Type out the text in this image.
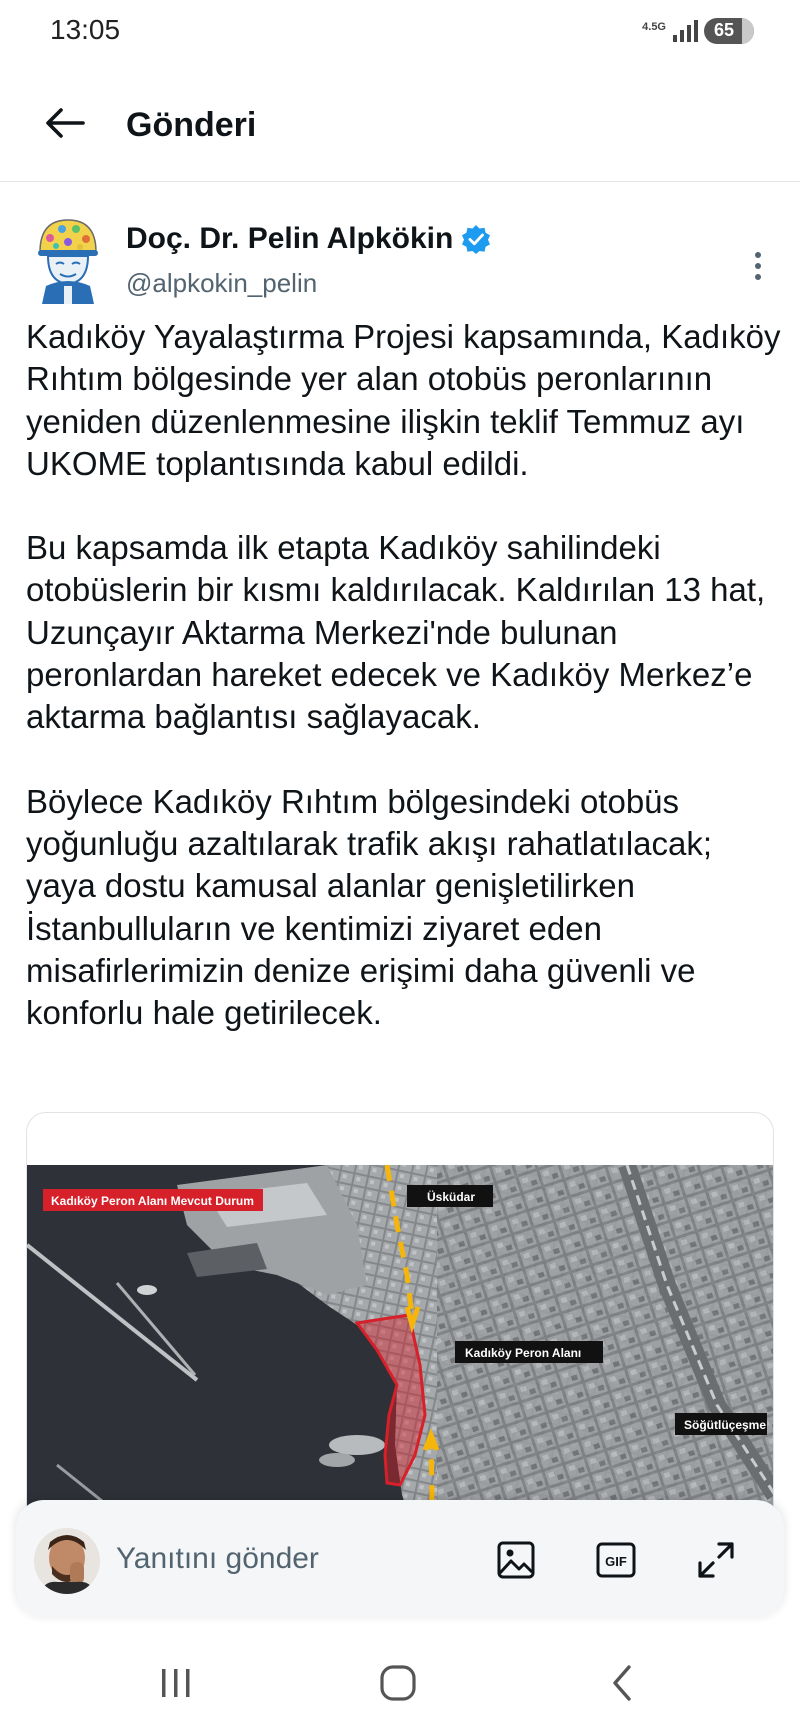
13:05	4.5G	65
Gönderi
Doç. Dr. Pelin Alpkökin
@alpkokin_pelin

Kadıköy Yayalaştırma Projesi kapsamında, Kadıköy Rıhtım bölgesinde yer alan otobüs peronlarının yeniden düzenlenmesine ilişkin teklif Temmuz ayı UKOME toplantısında kabul edildi.

Bu kapsamda ilk etapta Kadıköy sahilindeki otobüslerin bir kısmı kaldırılacak. Kaldırılan 13 hat, Uzunçayır Aktarma Merkezi'nde bulunan peronlardan hareket edecek ve Kadıköy Merkez’e aktarma bağlantısı sağlayacak.

Böylece Kadıköy Rıhtım bölgesindeki otobüs yoğunluğu azaltılarak trafik akışı rahatlatılacak; yaya dostu kamusal alanlar genişletilirken İstanbulluların ve kentimizi ziyaret eden misafirlerimizin denize erişimi daha güvenli ve konforlu hale getirilecek.

Kadıköy Peron Alanı Mevcut Durum	Üsküdar
Kadıköy Peron Alanı
Söğütlüçeşme
Yanıtını gönder
GIF
